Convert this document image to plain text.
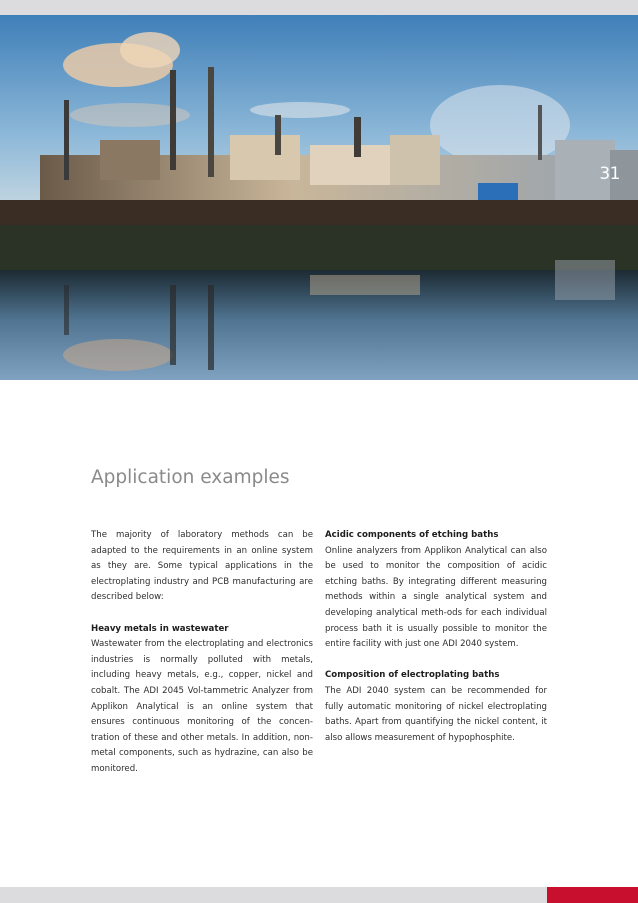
31
Application examples

The majority of laboratory methods can be adapted to the requirements in an online system as they are. Some typical applications in the electroplating industry and PCB manufacturing are described below:

Heavy metals in wastewater

Wastewater from the electroplating and electronics industries is normally polluted with metals, including heavy metals, e.g., copper, nickel and cobalt. The ADI 2045 Vol-tammetric Analyzer from Applikon Analytical is an online system that ensures continuous monitoring of the concen-tration of these and other metals. In addition, non-metal components, such as hydrazine, can also be monitored.

Acidic components of etching baths

Online analyzers from Applikon Analytical can also be used to monitor the composition of acidic etching baths. By integrating different measuring methods within a single analytical system and developing analytical meth-ods for each individual process bath it is usually possible to monitor the entire facility with just one ADI 2040 system.

Composition of electroplating baths

The ADI 2040 system can be recommended for fully automatic monitoring of nickel electroplating baths. Apart from quantifying the nickel content, it also allows measurement of hypophosphite.
